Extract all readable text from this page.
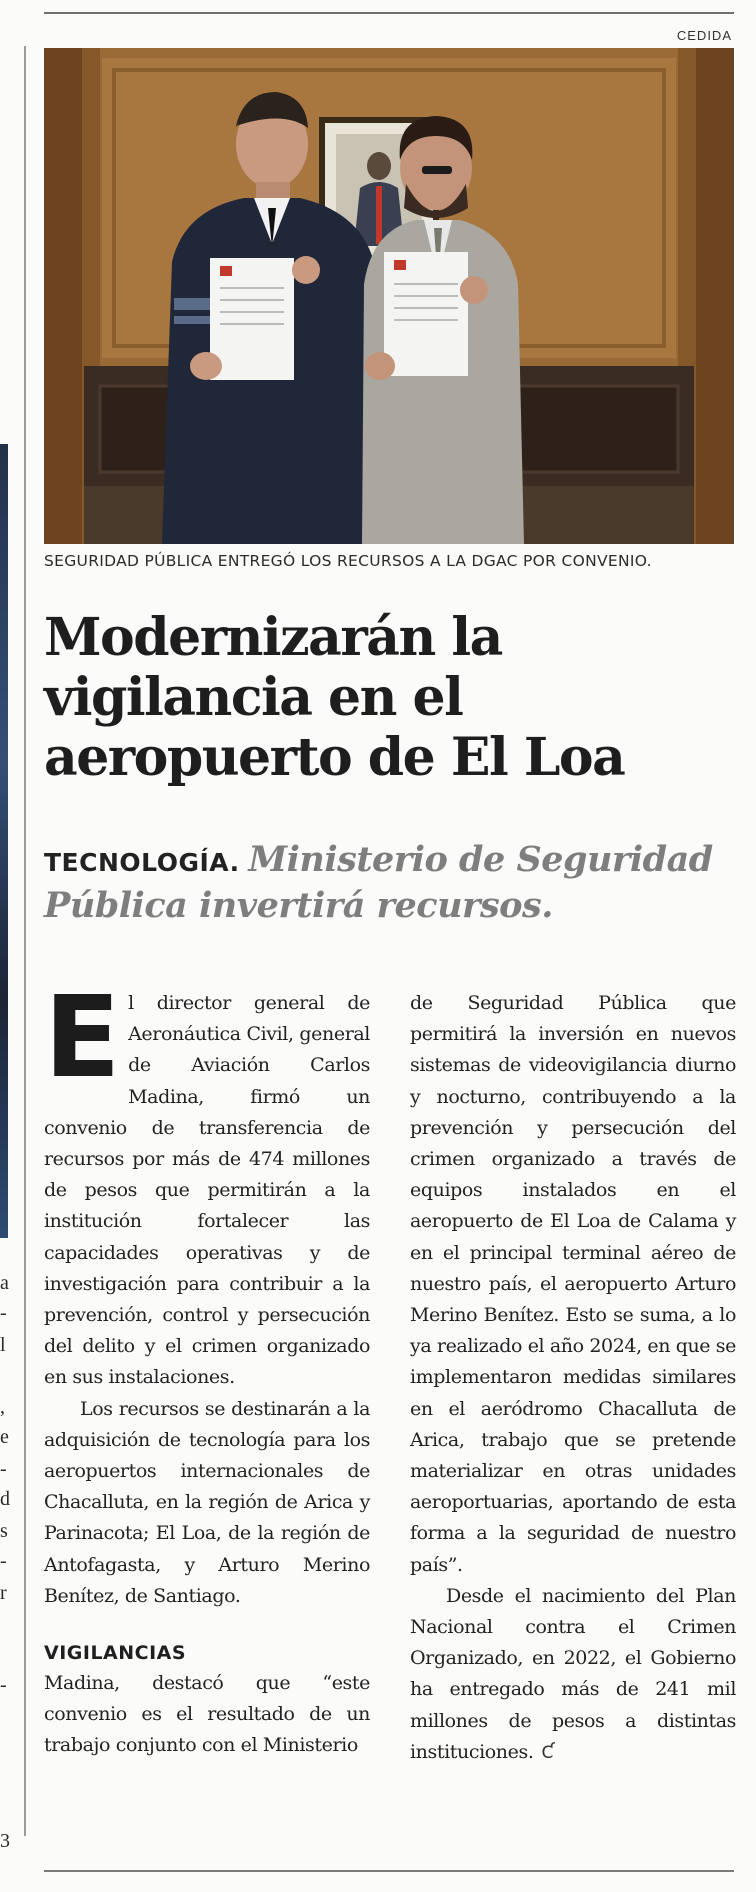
a
-
l
,
e
-
d
s
-
r
-
3
CEDIDA
SEGURIDAD PÚBLICA ENTREGÓ LOS RECURSOS A LA DGAC POR CONVENIO.
Modernizarán la
vigilancia en el
aeropuerto de El Loa
TECNOLOGÍA. Ministerio de Seguridad Pública invertirá recursos.

El director general de Aeronáutica Civil, general de Aviación Carlos Madina, firmó un convenio de transferencia de recursos por más de 474 millones de pesos que permitirán a la institución fortalecer las capacidades operativas y de investigación para contribuir a la prevención, control y persecución del delito y el crimen organizado en sus instalaciones.

Los recursos se destinarán a la adquisición de tecnología para los aeropuertos internacionales de Chacalluta, en la región de Arica y Parinacota; El Loa, de la región de Antofagasta, y Arturo Merino Benítez, de Santiago.

VIGILANCIAS

Madina, destacó que “este convenio es el resultado de un trabajo conjunto con el Ministerio

de Seguridad Pública que permitirá la inversión en nuevos sistemas de videovigilancia diurno y nocturno, contribuyendo a la prevención y persecución del crimen organizado a través de equipos instalados en el aeropuerto de El Loa de Calama y en el principal terminal aéreo de nuestro país, el aeropuerto Arturo Merino Benítez. Esto se suma, a lo ya realizado el año 2024, en que se implementaron medidas similares en el aeródromo Chacalluta de Arica, trabajo que se pretende materializar en otras unidades aeroportuarias, aportando de esta forma a la seguridad de nuestro país”.

Desde el nacimiento del Plan Nacional contra el Crimen Organizado, en 2022, el Gobierno ha entregado más de 241 mil millones de pesos a distintas instituciones. Ƈ
